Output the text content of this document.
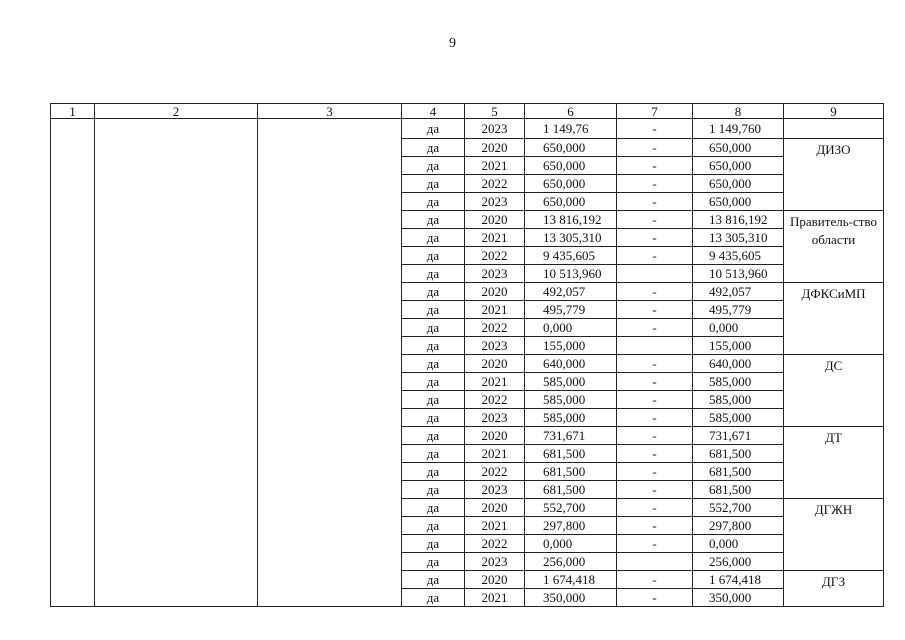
9
1	2	3	4	5	6	7	8	9
			да	2023	1 149,76	-	1 149,760	
			да	2020	650,000	-	650,000	ДИЗО
			да	2021	650,000	-	650,000	
			да	2022	650,000	-	650,000	
			да	2023	650,000	-	650,000	
			да	2020	13 816,192	-	13 816,192	Правитель-ство области
			да	2021	13 305,310	-	13 305,310	
			да	2022	9 435,605	-	9 435,605	
			да	2023	10 513,960		10 513,960	
			да	2020	492,057	-	492,057	ДФКСиМП
			да	2021	495,779	-	495,779	
			да	2022	0,000	-	0,000	
			да	2023	155,000		155,000	
			да	2020	640,000	-	640,000	ДС
			да	2021	585,000	-	585,000	
			да	2022	585,000	-	585,000	
			да	2023	585,000	-	585,000	
			да	2020	731,671	-	731,671	ДТ
			да	2021	681,500	-	681,500	
			да	2022	681,500	-	681,500	
			да	2023	681,500	-	681,500	
			да	2020	552,700	-	552,700	ДГЖН
			да	2021	297,800	-	297,800	
			да	2022	0,000	-	0,000	
			да	2023	256,000		256,000	
			да	2020	1 674,418	-	1 674,418	ДГЗ
			да	2021	350,000	-	350,000	
